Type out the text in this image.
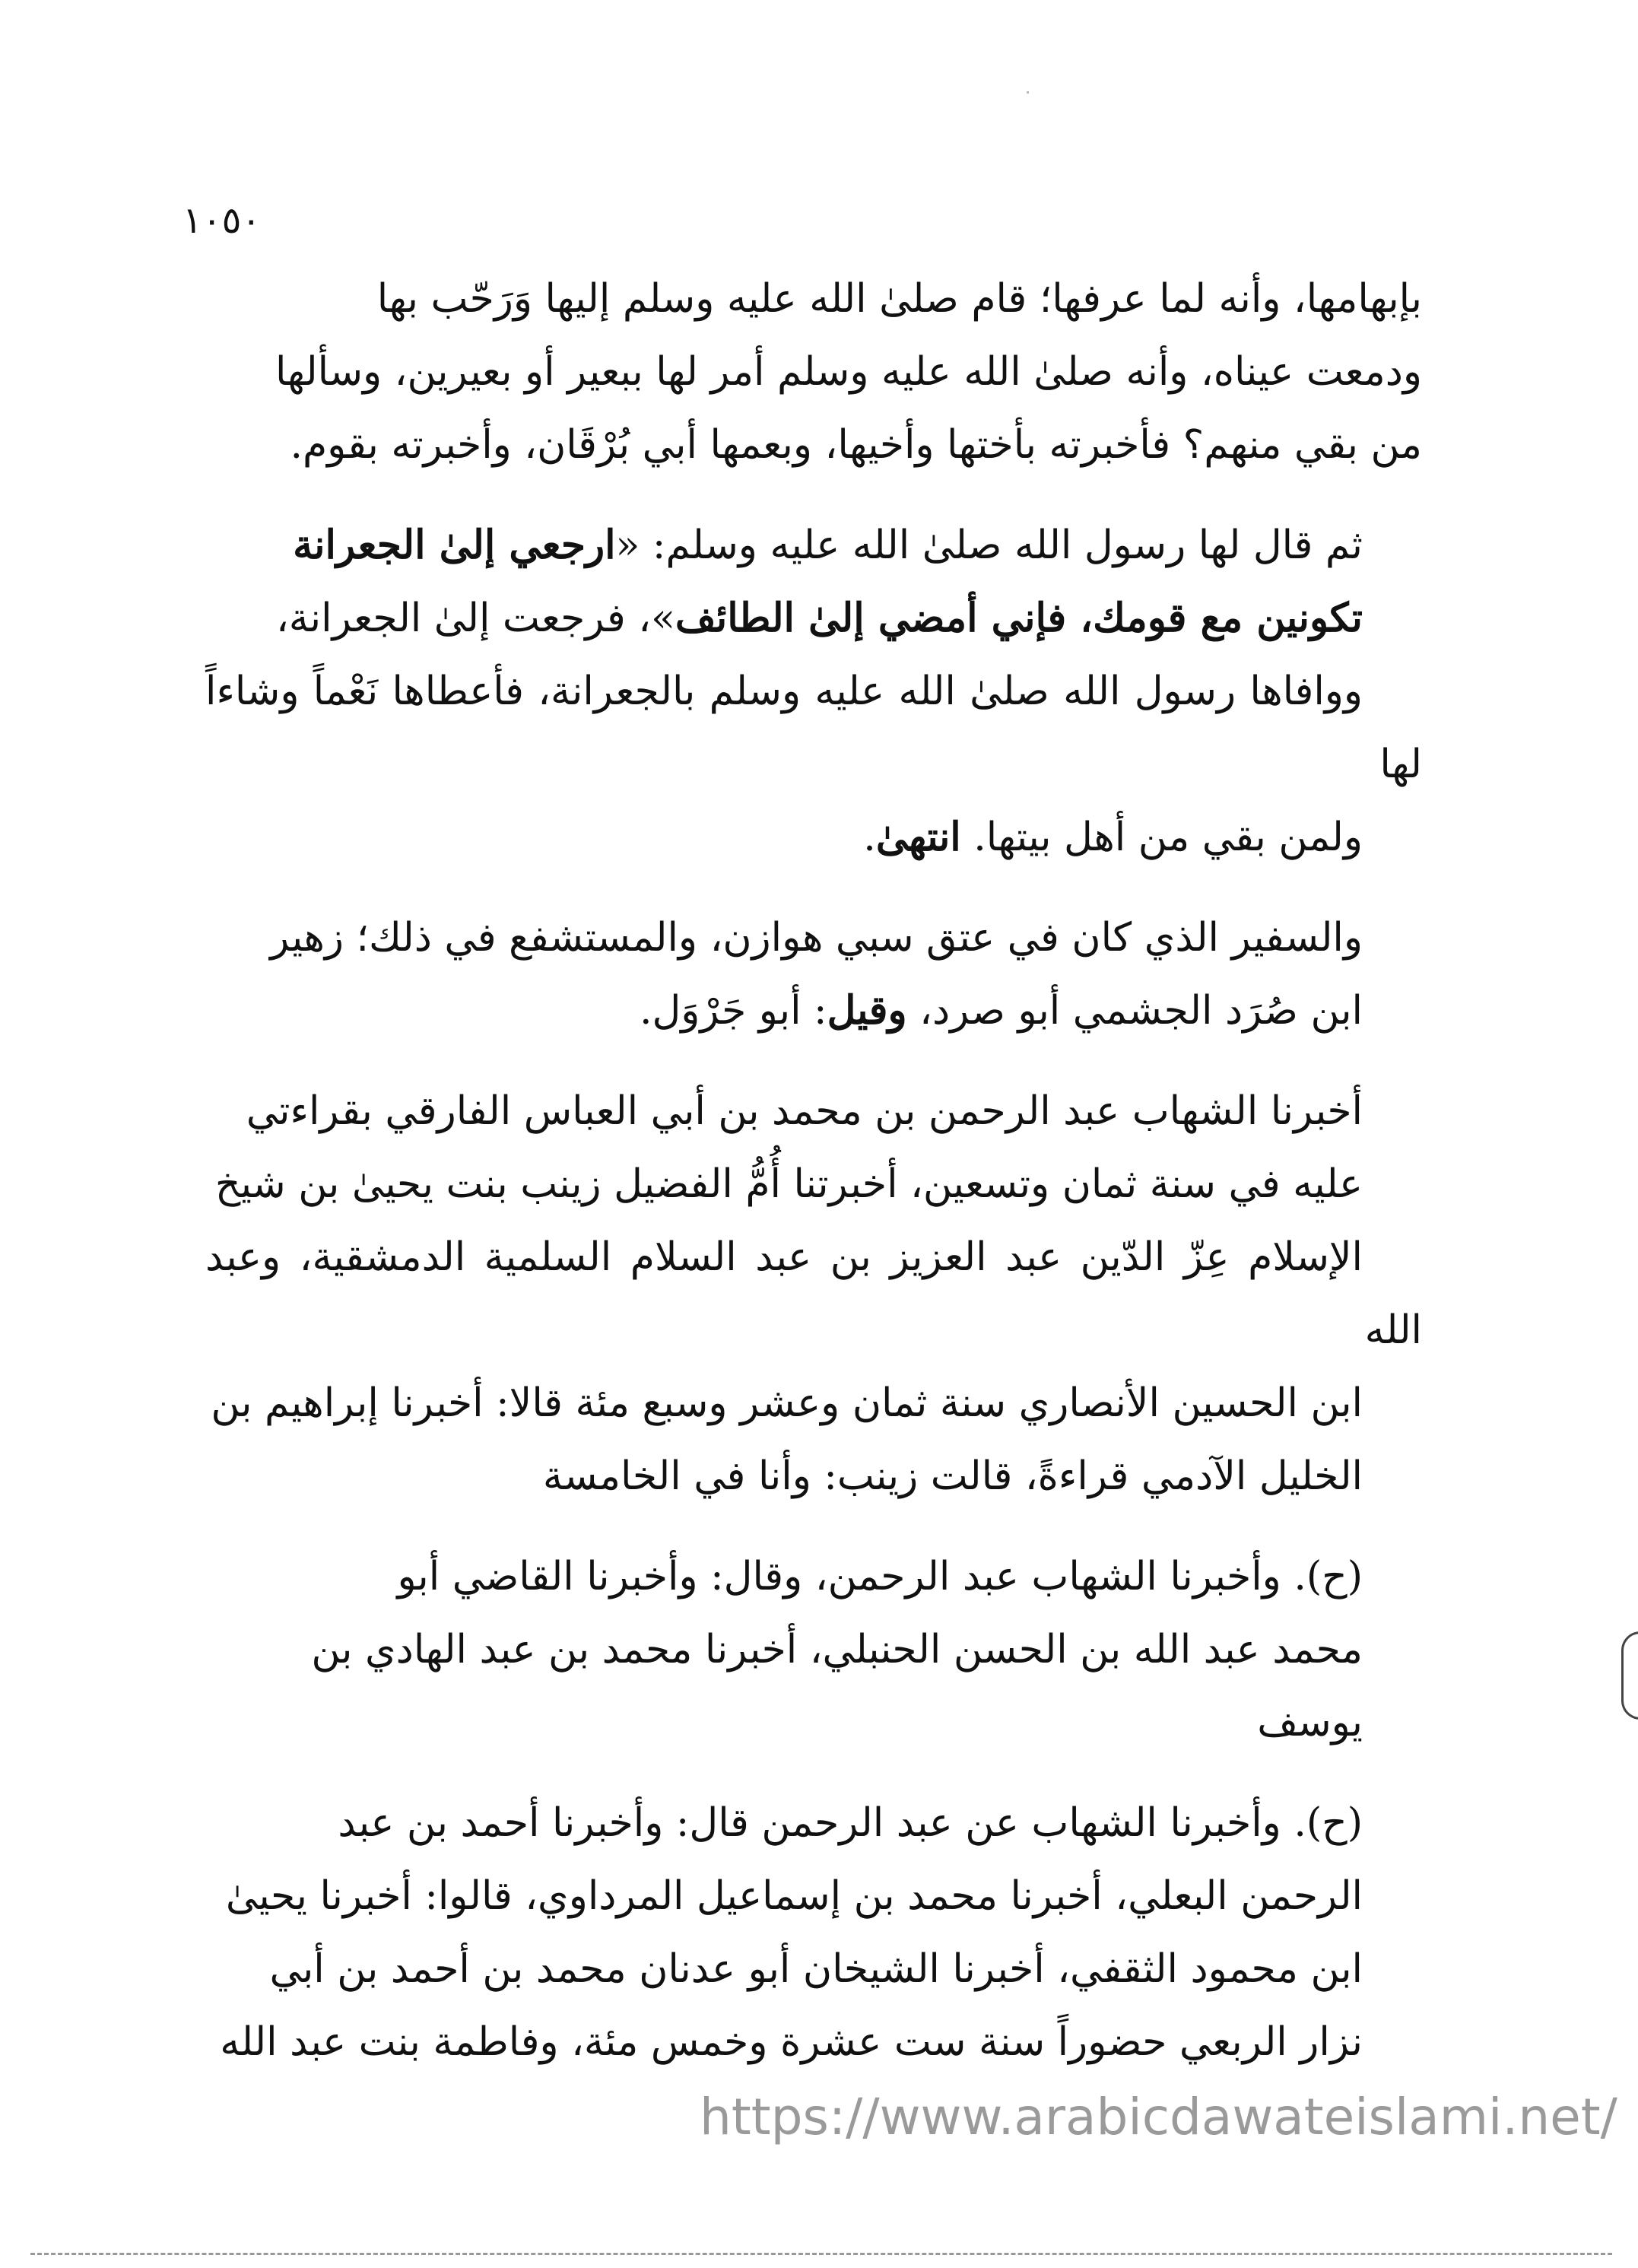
١٠٥٠

بإبهامها، وأنه لما عرفها؛ قام صلىٰ الله عليه وسلم إليها وَرَحّب بها
ودمعت عيناه، وأنه صلىٰ الله عليه وسلم أمر لها ببعير أو بعيرين، وسألها
من بقي منهم؟ فأخبرته بأختها وأخيها، وبعمها أبي بُرْقَان، وأخبرته بقوم.

ثم قال لها رسول الله صلىٰ الله عليه وسلم: «ارجعي إلىٰ الجعرانة
تكونين مع قومك، فإني أمضي إلىٰ الطائف»، فرجعت إلىٰ الجعرانة،
ووافاها رسول الله صلىٰ الله عليه وسلم بالجعرانة، فأعطاها نَعْماً وشاءاً لها
ولمن بقي من أهل بيتها. انتهىٰ.

والسفير الذي كان في عتق سبي هوازن، والمستشفع في ذلك؛ زهير
ابن صُرَد الجشمي أبو صرد، وقيل: أبو جَرْوَل.

أخبرنا الشهاب عبد الرحمن بن محمد بن أبي العباس الفارقي بقراءتي
عليه في سنة ثمان وتسعين، أخبرتنا أُمُّ الفضيل زينب بنت يحيىٰ بن شيخ
الإسلام عِزّ الدّين عبد العزيز بن عبد السلام السلمية الدمشقية، وعبد الله
ابن الحسين الأنصاري سنة ثمان وعشر وسبع مئة قالا: أخبرنا إبراهيم بن
الخليل الآدمي قراءةً، قالت زينب: وأنا في الخامسة

(ح). وأخبرنا الشهاب عبد الرحمن، وقال: وأخبرنا القاضي أبو
محمد عبد الله بن الحسن الحنبلي، أخبرنا محمد بن عبد الهادي بن
يوسف

(ح). وأخبرنا الشهاب عن عبد الرحمن قال: وأخبرنا أحمد بن عبد
الرحمن البعلي، أخبرنا محمد بن إسماعيل المرداوي، قالوا: أخبرنا يحيىٰ
ابن محمود الثقفي، أخبرنا الشيخان أبو عدنان محمد بن أحمد بن أبي
نزار الربعي حضوراً سنة ست عشرة وخمس مئة، وفاطمة بنت عبد الله

https://www.arabicdawateislami.net/
